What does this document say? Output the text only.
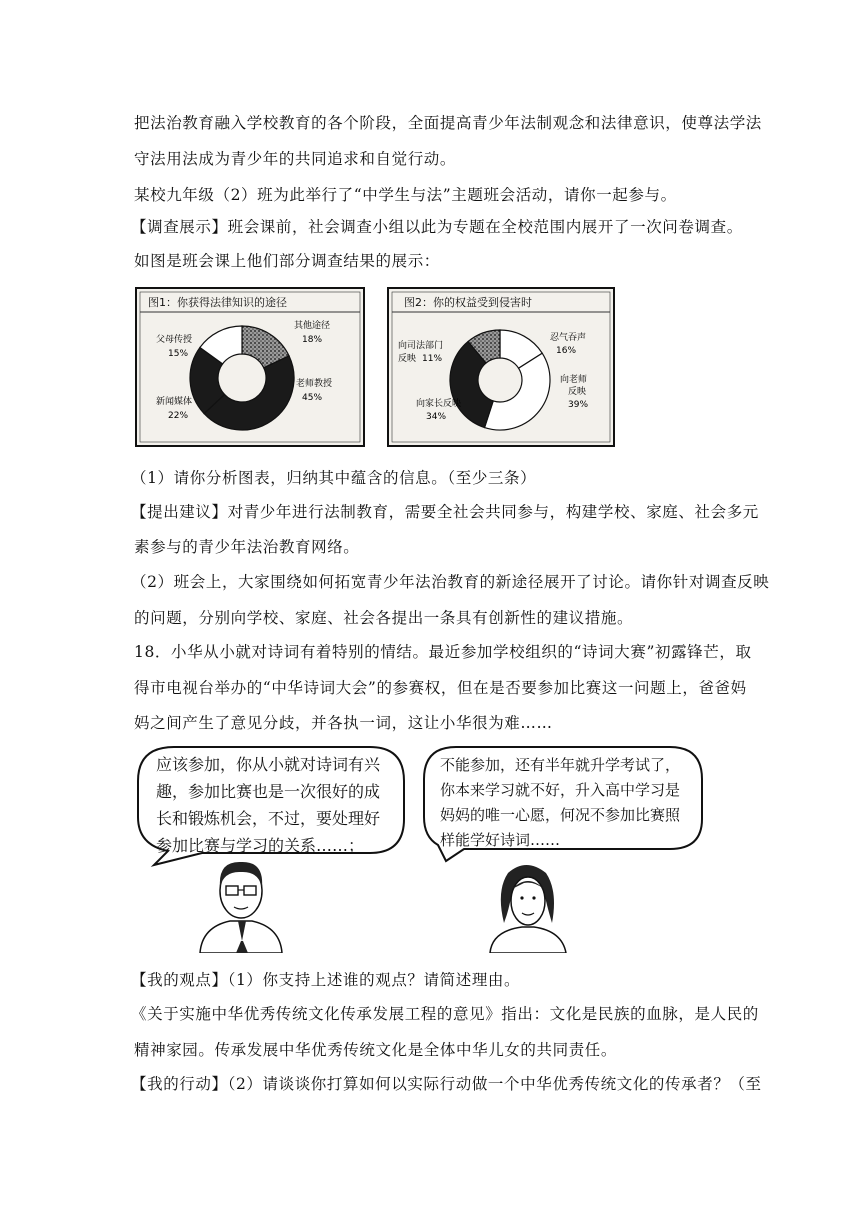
把法治教育融入学校教育的各个阶段，全面提高青少年法制观念和法律意识，使尊法学法
守法用法成为青少年的共同追求和自觉行动。
某校九年级（2）班为此举行了“中学生与法”主题班会活动，请你一起参与。
【调查展示】班会课前，社会调查小组以此为专题在全校范围内展开了一次问卷调查。
如图是班会课上他们部分调查结果的展示：
图1：你获得法律知识的途径
其他途径
18%
老师教授
45%
新闻媒体
22%
父母传授
15%
图2：你的权益受到侵害时
忍气吞声
16%
向老师
反映
39%
向家长反映
34%
向司法部门
反映 11%
（1）请你分析图表，归纳其中蕴含的信息。（至少三条）
【提出建议】对青少年进行法制教育，需要全社会共同参与，构建学校、家庭、社会多元
素参与的青少年法治教育网络。
（2）班会上，大家围绕如何拓宽青少年法治教育的新途径展开了讨论。请你针对调查反映
的问题，分别向学校、家庭、社会各提出一条具有创新性的建议措施。
18．小华从小就对诗词有着特别的情结。最近参加学校组织的“诗词大赛”初露锋芒，取
得市电视台举办的“中华诗词大会”的参赛权，但在是否要参加比赛这一问题上，爸爸妈
妈之间产生了意见分歧，并各执一词，这让小华很为难……
应该参加，你从小就对诗词有兴
趣，参加比赛也是一次很好的成
长和锻炼机会，不过，要处理好
参加比赛与学习的关系……；
不能参加，还有半年就升学考试了，
你本来学习就不好，升入高中学习是
妈妈的唯一心愿，何况不参加比赛照
样能学好诗词……
【我的观点】（1）你支持上述谁的观点？请简述理由。
《关于实施中华优秀传统文化传承发展工程的意见》指出：文化是民族的血脉，是人民的
精神家园。传承发展中华优秀传统文化是全体中华儿女的共同责任。
【我的行动】（2）请谈谈你打算如何以实际行动做一个中华优秀传统文化的传承者？（至
